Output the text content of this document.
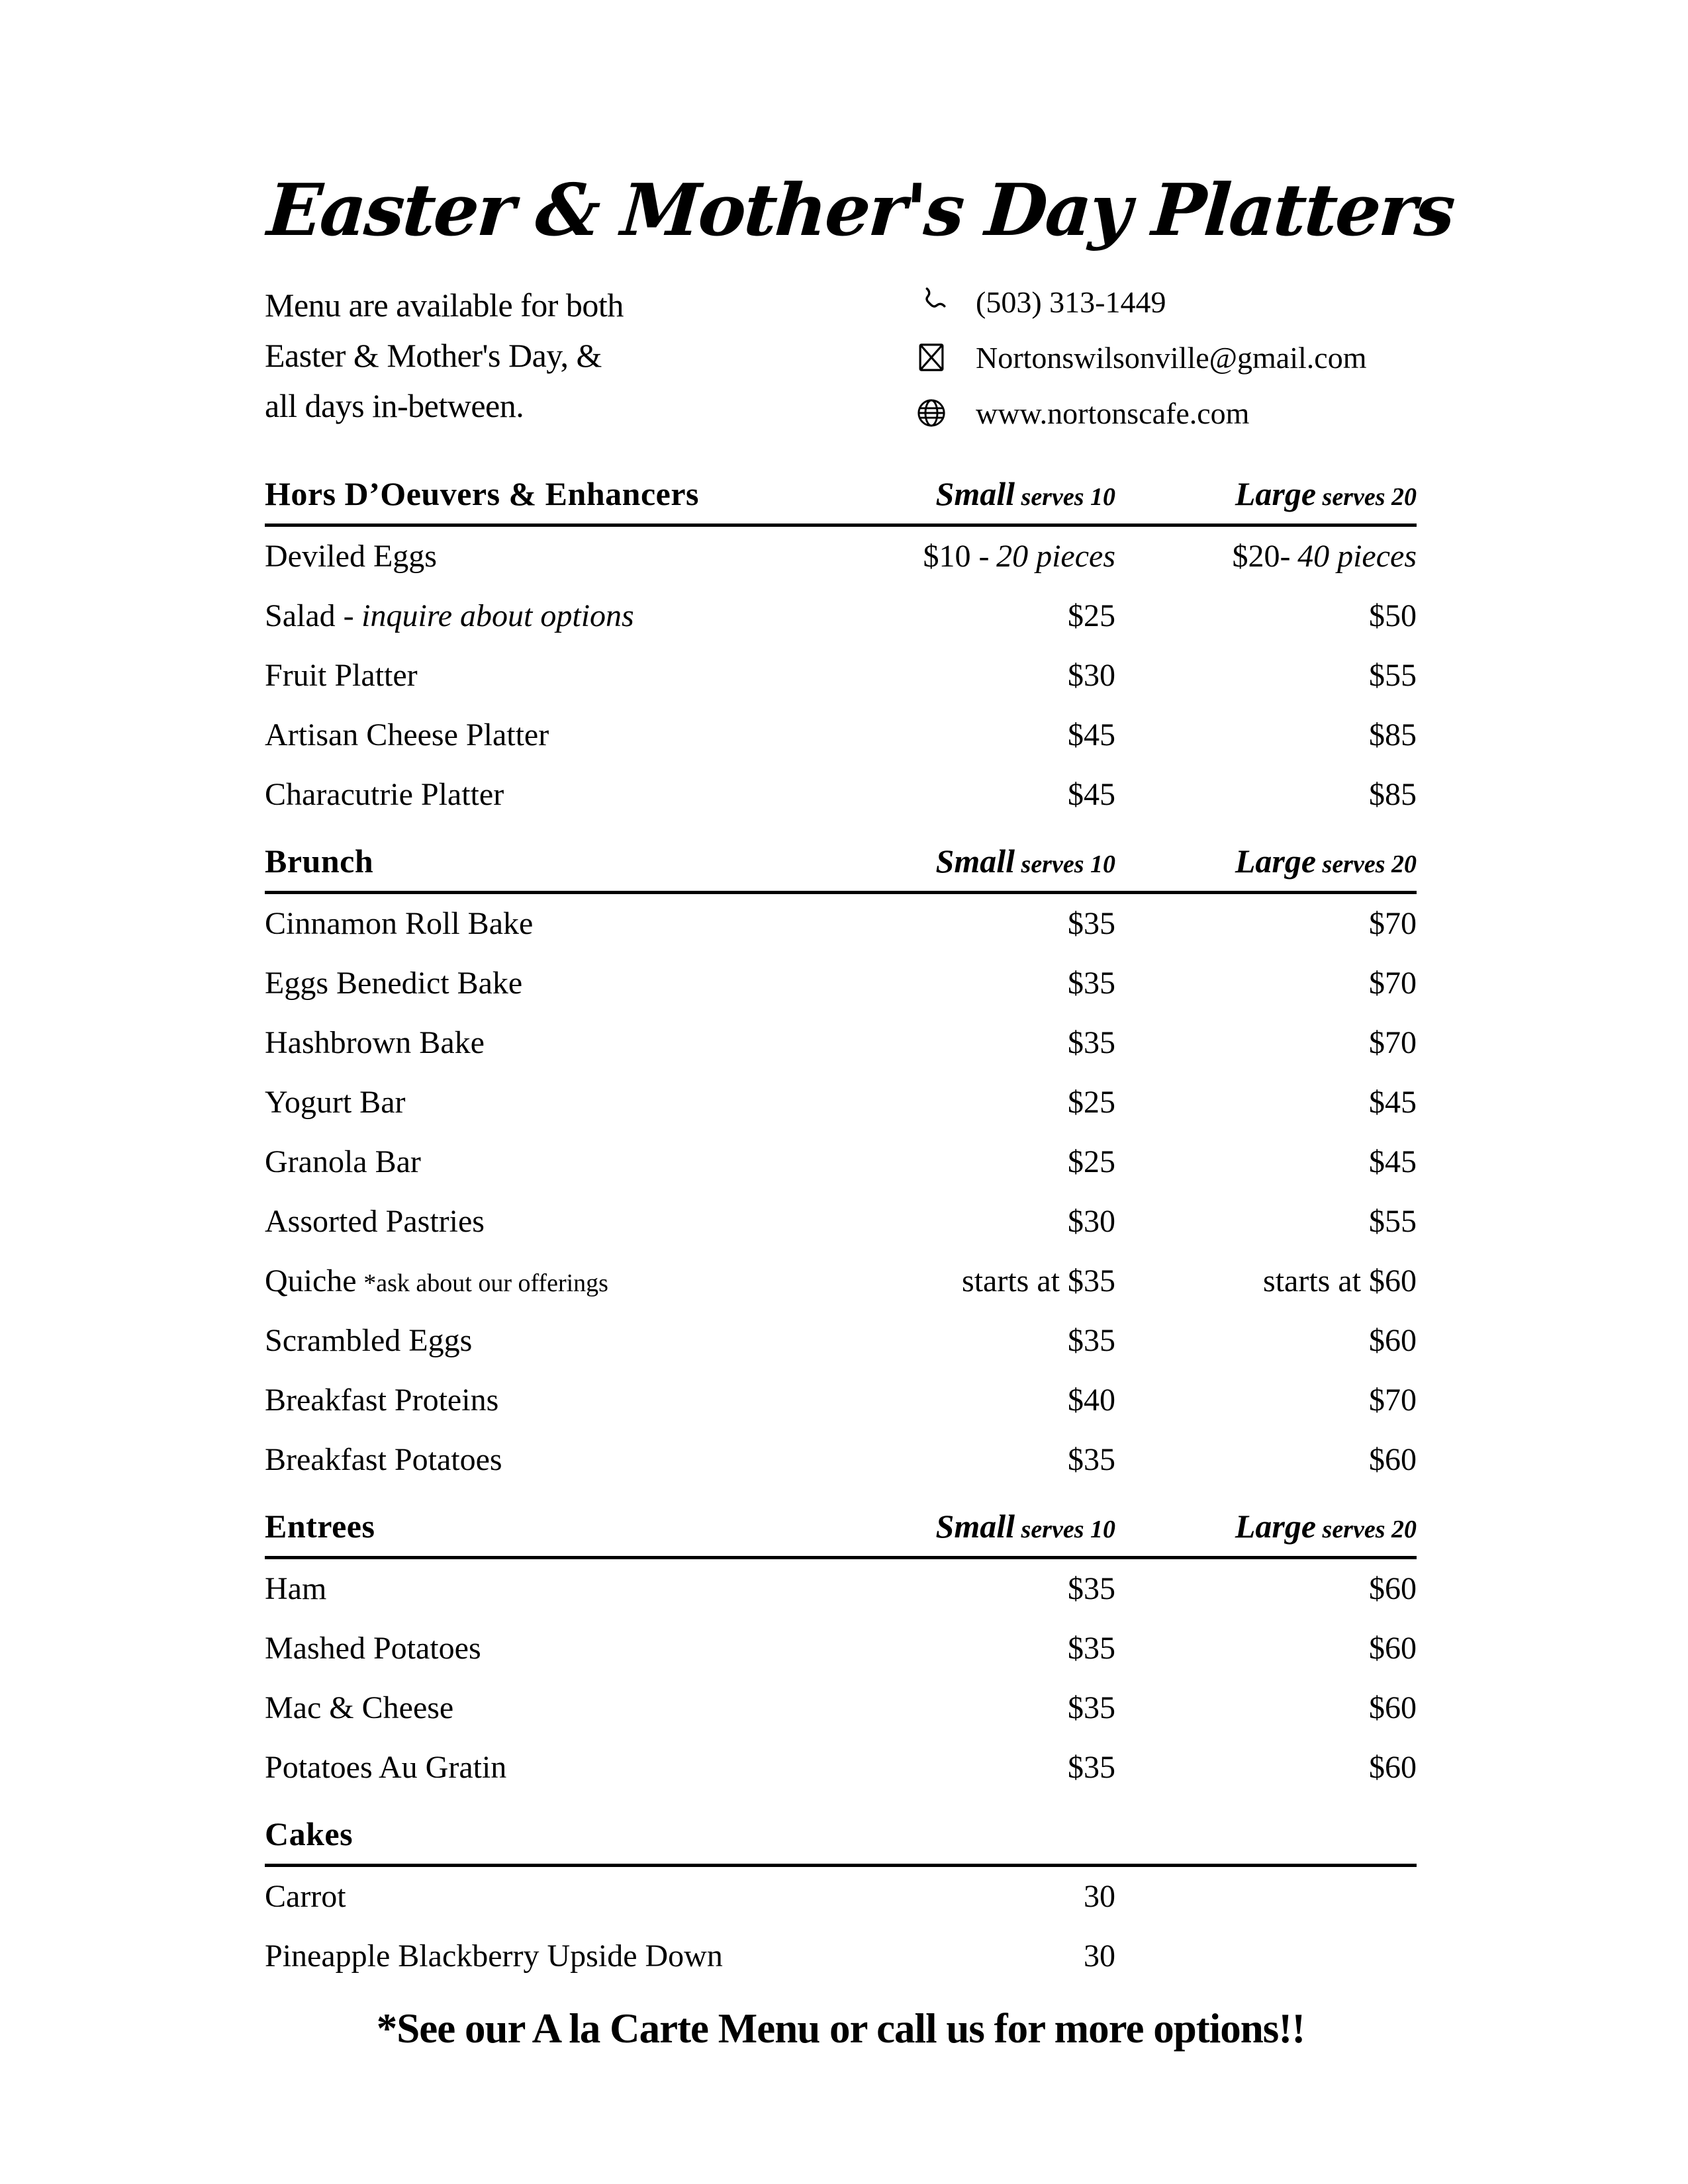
Easter & Mother's Day Platters
Menu are available for both
Easter & Mother's Day, &
all days in-between.
(503) 313-1449
Nortonswilsonville@gmail.com
www.nortonscafe.com
Hors D’Oeuvers & Enhancers	Small serves 10	Large serves 20
Deviled Eggs	$10 - 20 pieces	$20- 40 pieces
Salad - inquire about options	$25	$50
Fruit Platter	$30	$55
Artisan Cheese Platter	$45	$85
Characutrie Platter	$45	$85
Brunch	Small serves 10	Large serves 20
Cinnamon Roll Bake	$35	$70
Eggs Benedict Bake	$35	$70
Hashbrown Bake	$35	$70
Yogurt Bar	$25	$45
Granola Bar	$25	$45
Assorted Pastries	$30	$55
Quiche *ask about our offerings	starts at $35	starts at $60
Scrambled Eggs	$35	$60
Breakfast Proteins	$40	$70
Breakfast Potatoes	$35	$60
Entrees	Small serves 10	Large serves 20
Ham	$35	$60
Mashed Potatoes	$35	$60
Mac & Cheese	$35	$60
Potatoes Au Gratin	$35	$60
Cakes
Carrot	30
Pineapple Blackberry Upside Down	30
*See our A la Carte Menu or call us for more options!!
